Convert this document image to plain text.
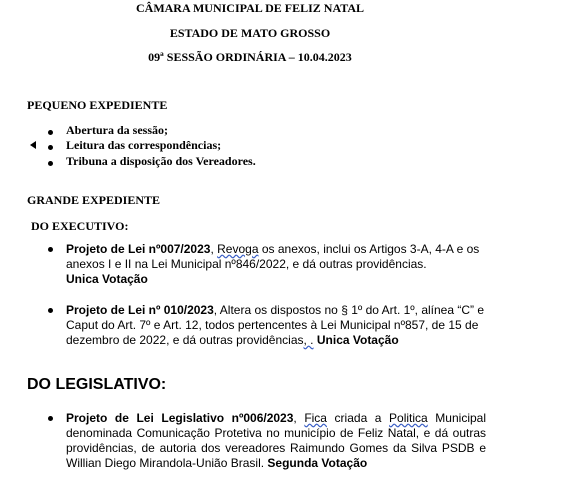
CÂMARA MUNICIPAL DE FELIZ NATAL
ESTADO DE MATO GROSSO
09ª SESSÃO ORDINÁRIA – 10.04.2023
PEQUENO EXPEDIENTE
Abertura da sessão;
Leitura das correspondências;
Tribuna a disposição dos Vereadores.
GRANDE EXPEDIENTE
DO EXECUTIVO:
Projeto de Lei nº007/2023, Revoga os anexos, inclui os Artigos 3-A, 4-A e os anexos I e II na Lei Municipal nº846/2022, e dá outras providências.
Unica Votação
Projeto de Lei nº 010/2023, Altera os dispostos no § 1º do Art. 1º, alínea “C” e Caput do Art. 7º e Art. 12, todos pertencentes à Lei Municipal nº857, de 15 de dezembro de 2022, e dá outras providências, . Unica Votação
DO LEGISLATIVO:
Projeto de Lei Legislativo nº006/2023, Fica criada a Politica Municipal denominada Comunicação Protetiva no município de Feliz Natal, e dá outras providências, de autoria dos vereadores Raimundo Gomes da Silva PSDB e Willian Diego Mirandola-União Brasil. Segunda Votação
